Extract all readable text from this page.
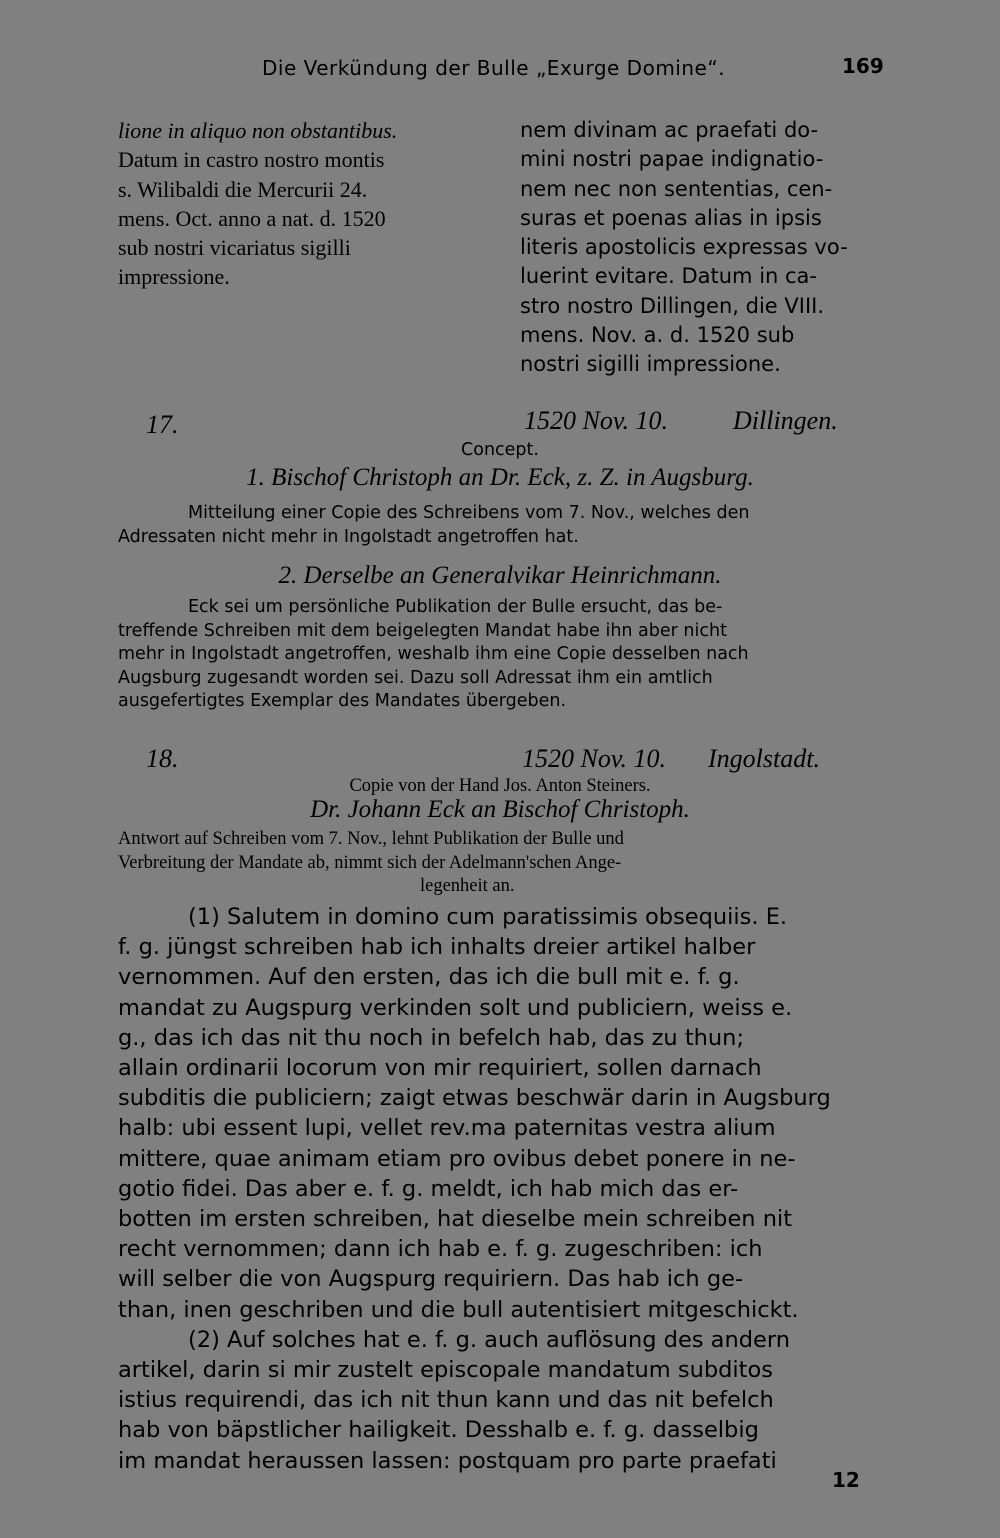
Die Verkündung der Bulle „Exurge Domine“.	169
lione in aliquo non obstantibus.
Datum in castro nostro montis
s. Wilibaldi die Mercurii 24.
mens. Oct. anno a nat. d. 1520
sub nostri vicariatus sigilli
impressione.
nem divinam ac praefati do-
mini nostri papae indignatio-
nem nec non sententias, cen-
suras et poenas alias in ipsis
literis apostolicis expressas vo-
luerint evitare. Datum in ca-
stro nostro Dillingen, die VIII.
mens. Nov. a. d. 1520 sub
nostri sigilli impressione.
17.	1520 Nov. 10.	Dillingen.
Concept.
1. Bischof Christoph an Dr. Eck, z. Z. in Augsburg.
Mitteilung einer Copie des Schreibens vom 7. Nov., welches den
Adressaten nicht mehr in Ingolstadt angetroffen hat.
2. Derselbe an Generalvikar Heinrichmann.
Eck sei um persönliche Publikation der Bulle ersucht, das be-
treffende Schreiben mit dem beigelegten Mandat habe ihn aber nicht
mehr in Ingolstadt angetroffen, weshalb ihm eine Copie desselben nach
Augsburg zugesandt worden sei. Dazu soll Adressat ihm ein amtlich
ausgefertigtes Exemplar des Mandates übergeben.
18.	1520 Nov. 10. Ingolstadt.
Copie von der Hand Jos. Anton Steiners.
Dr. Johann Eck an Bischof Christoph.
Antwort auf Schreiben vom 7. Nov., lehnt Publikation der Bulle und
Verbreitung der Mandate ab, nimmt sich der Adelmann'schen Ange-
legenheit an.
(1) Salutem in domino cum paratissimis obsequiis. E.
f. g. jüngst schreiben hab ich inhalts dreier artikel halber
vernommen. Auf den ersten, das ich die bull mit e. f. g.
mandat zu Augspurg verkinden solt und publiciern, weiss e.
g., das ich das nit thu noch in befelch hab, das zu thun;
allain ordinarii locorum von mir requiriert, sollen darnach
subditis die publiciern; zaigt etwas beschwär darin in Augsburg
halb: ubi essent lupi, vellet rev.ma paternitas vestra alium
mittere, quae animam etiam pro ovibus debet ponere in ne-
gotio fidei. Das aber e. f. g. meldt, ich hab mich das er-
botten im ersten schreiben, hat dieselbe mein schreiben nit
recht vernommen; dann ich hab e. f. g. zugeschriben: ich
will selber die von Augspurg requiriern. Das hab ich ge-
than, inen geschriben und die bull autentisiert mitgeschickt.
(2) Auf solches hat e. f. g. auch auflösung des andern
artikel, darin si mir zustelt episcopale mandatum subditos
istius requirendi, das ich nit thun kann und das nit befelch
hab von bäpstlicher hailigkeit. Desshalb e. f. g. dasselbig
im mandat heraussen lassen: postquam pro parte praefati
12
